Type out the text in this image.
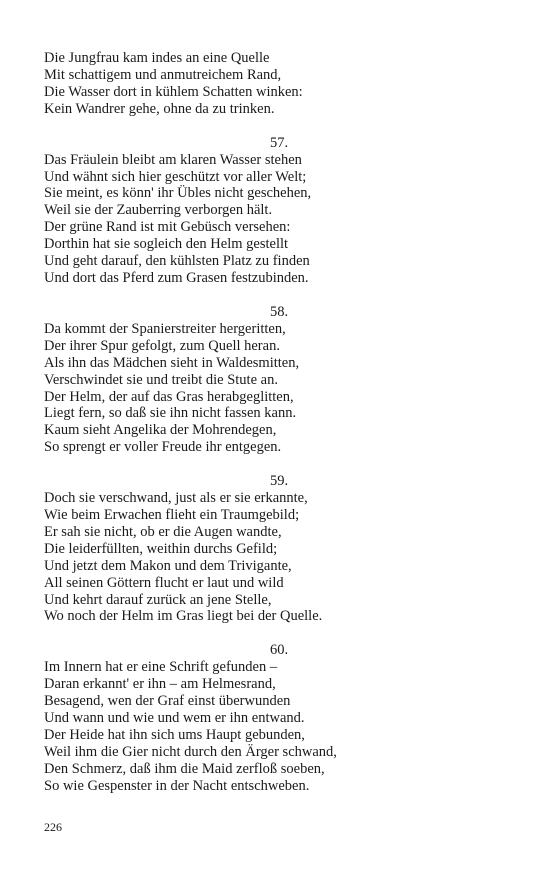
Die Jungfrau kam indes an eine Quelle
Mit schattigem und anmutreichem Rand,
Die Wasser dort in kühlem Schatten winken:
Kein Wandrer gehe, ohne da zu trinken.
57.
Das Fräulein bleibt am klaren Wasser stehen
Und wähnt sich hier geschützt vor aller Welt;
Sie meint, es könn' ihr Übles nicht geschehen,
Weil sie der Zauberring verborgen hält.
Der grüne Rand ist mit Gebüsch versehen:
Dorthin hat sie sogleich den Helm gestellt
Und geht darauf, den kühlsten Platz zu finden
Und dort das Pferd zum Grasen festzubinden.
58.
Da kommt der Spanierstreiter hergeritten,
Der ihrer Spur gefolgt, zum Quell heran.
Als ihn das Mädchen sieht in Waldesmitten,
Verschwindet sie und treibt die Stute an.
Der Helm, der auf das Gras herabgeglitten,
Liegt fern, so daß sie ihn nicht fassen kann.
Kaum sieht Angelika der Mohrendegen,
So sprengt er voller Freude ihr entgegen.
59.
Doch sie verschwand, just als er sie erkannte,
Wie beim Erwachen flieht ein Traumgebild;
Er sah sie nicht, ob er die Augen wandte,
Die leiderfüllten, weithin durchs Gefild;
Und jetzt dem Makon und dem Trivigante,
All seinen Göttern flucht er laut und wild
Und kehrt darauf zurück an jene Stelle,
Wo noch der Helm im Gras liegt bei der Quelle.
60.
Im Innern hat er eine Schrift gefunden –
Daran erkannt' er ihn – am Helmesrand,
Besagend, wen der Graf einst überwunden
Und wann und wie und wem er ihn entwand.
Der Heide hat ihn sich ums Haupt gebunden,
Weil ihm die Gier nicht durch den Ärger schwand,
Den Schmerz, daß ihm die Maid zerfloß soeben,
So wie Gespenster in der Nacht entschweben.
226
